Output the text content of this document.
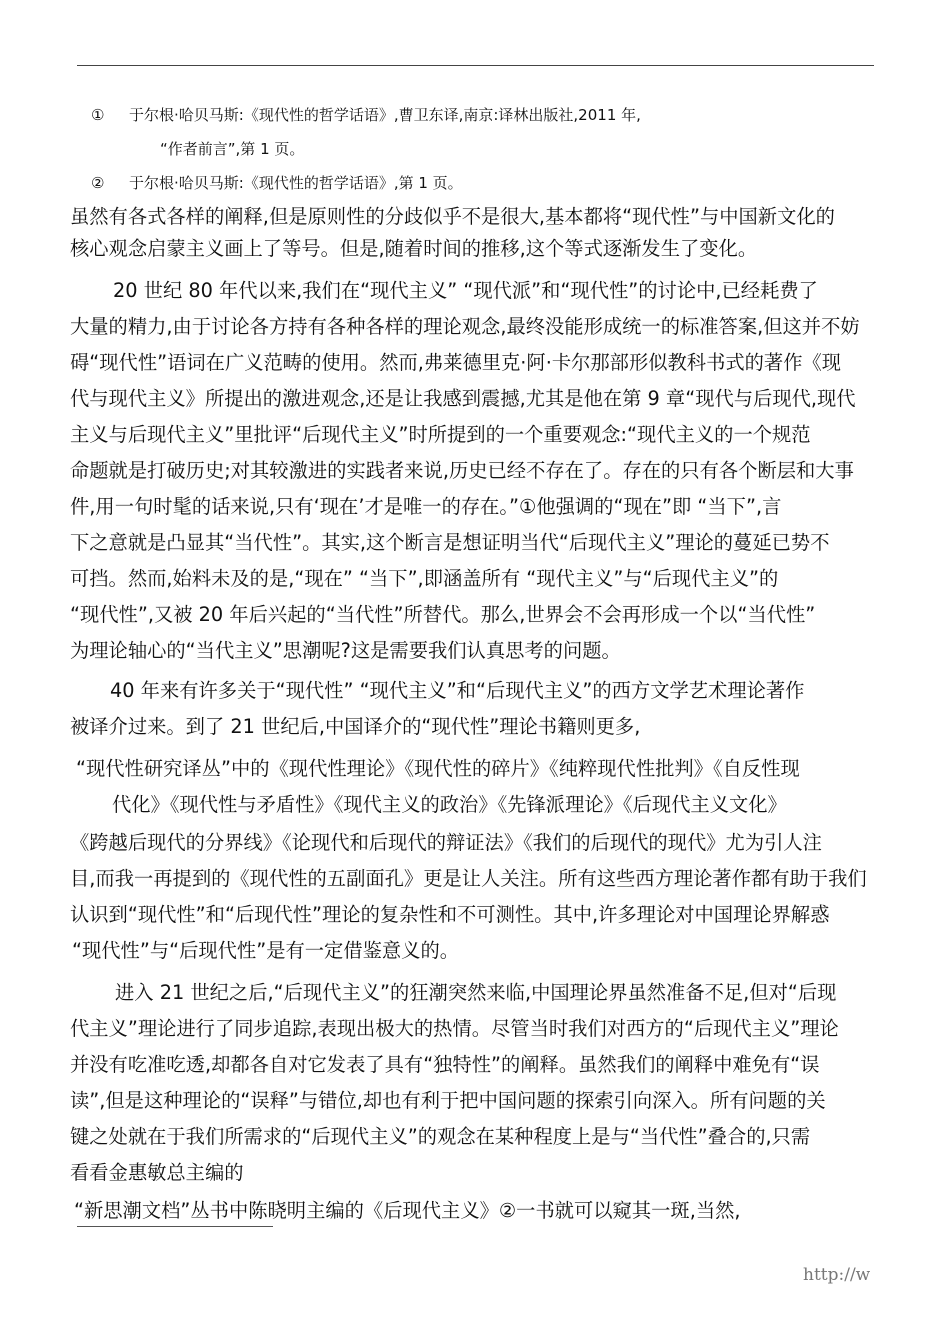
① 于尔根·哈贝马斯:《现代性的哲学话语》,曹卫东译,南京:译林出版社,2011 年,
“作者前言”,第 1 页。
② 于尔根·哈贝马斯:《现代性的哲学话语》,第 1 页。
虽然有各式各样的阐释,但是原则性的分歧似乎不是很大,基本都将“现代性”与中国新文化的
核心观念启蒙主义画上了等号。但是,随着时间的推移,这个等式逐渐发生了变化。
20 世纪 80 年代以来,我们在“现代主义” “现代派”和“现代性”的讨论中,已经耗费了
大量的精力,由于讨论各方持有各种各样的理论观念,最终没能形成统一的标准答案,但这并不妨
碍“现代性”语词在广义范畴的使用。然而,弗莱德里克·阿·卡尔那部形似教科书式的著作《现
代与现代主义》所提出的激进观念,还是让我感到震撼,尤其是他在第 9 章“现代与后现代,现代
主义与后现代主义”里批评“后现代主义”时所提到的一个重要观念:“现代主义的一个规范
命题就是打破历史;对其较激进的实践者来说,历史已经不存在了。存在的只有各个断层和大事
件,用一句时髦的话来说,只有‘现在’才是唯一的存在。”①他强调的“现在”即 “当下”,言
下之意就是凸显其“当代性”。其实,这个断言是想证明当代“后现代主义”理论的蔓延已势不
可挡。然而,始料未及的是,“现在” “当下”,即涵盖所有 “现代主义”与“后现代主义”的
“现代性”,又被 20 年后兴起的“当代性”所替代。那么,世界会不会再形成一个以“当代性”
为理论轴心的“当代主义”思潮呢?这是需要我们认真思考的问题。
40 年来有许多关于“现代性” “现代主义”和“后现代主义”的西方文学艺术理论著作
被译介过来。到了 21 世纪后,中国译介的“现代性”理论书籍则更多,
“现代性研究译丛”中的《现代性理论》《现代性的碎片》《纯粹现代性批判》《自反性现
代化》《现代性与矛盾性》《现代主义的政治》《先锋派理论》《后现代主义文化》
《跨越后现代的分界线》《论现代和后现代的辩证法》《我们的后现代的现代》尤为引人注
目,而我一再提到的《现代性的五副面孔》更是让人关注。所有这些西方理论著作都有助于我们
认识到“现代性”和“后现代性”理论的复杂性和不可测性。其中,许多理论对中国理论界解惑
“现代性”与“后现代性”是有一定借鉴意义的。
进入 21 世纪之后,“后现代主义”的狂潮突然来临,中国理论界虽然准备不足,但对“后现
代主义”理论进行了同步追踪,表现出极大的热情。尽管当时我们对西方的“后现代主义”理论
并没有吃准吃透,却都各自对它发表了具有“独特性”的阐释。虽然我们的阐释中难免有“误
读”,但是这种理论的“误释”与错位,却也有利于把中国问题的探索引向深入。所有问题的关
键之处就在于我们所需求的“后现代主义”的观念在某种程度上是与“当代性”叠合的,只需
看看金惠敏总主编的
“新思潮文档”丛书中陈晓明主编的《后现代主义》②一书就可以窥其一斑,当然,
http://w
